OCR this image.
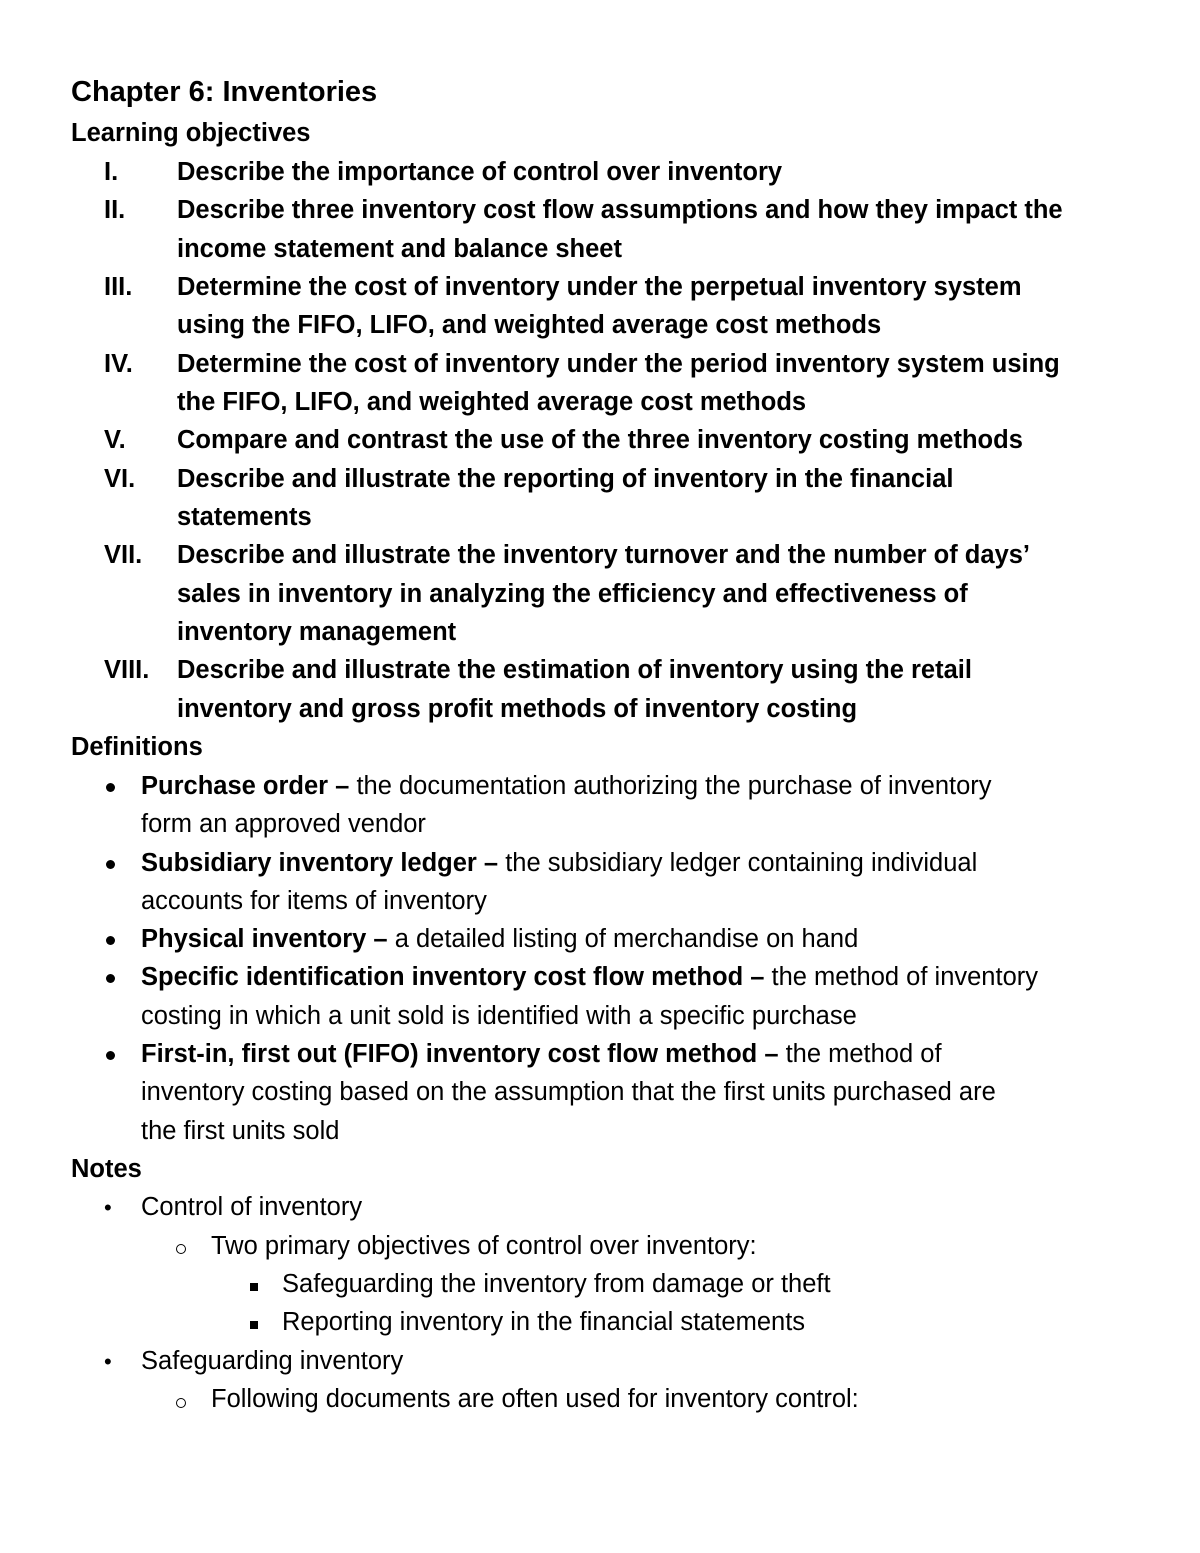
Chapter 6: Inventories
Learning objectives
I. Describe the importance of control over inventory
II. Describe three inventory cost flow assumptions and how they impact the
income statement and balance sheet
III. Determine the cost of inventory under the perpetual inventory system
using the FIFO, LIFO, and weighted average cost methods
IV. Determine the cost of inventory under the period inventory system using
the FIFO, LIFO, and weighted average cost methods
V. Compare and contrast the use of the three inventory costing methods
VI. Describe and illustrate the reporting of inventory in the financial
statements
VII. Describe and illustrate the inventory turnover and the number of days’
sales in inventory in analyzing the efficiency and effectiveness of
inventory management
VIII. Describe and illustrate the estimation of inventory using the retail
inventory and gross profit methods of inventory costing
Definitions
Purchase order – the documentation authorizing the purchase of inventory
form an approved vendor
Subsidiary inventory ledger – the subsidiary ledger containing individual
accounts for items of inventory
Physical inventory – a detailed listing of merchandise on hand
Specific identification inventory cost flow method – the method of inventory
costing in which a unit sold is identified with a specific purchase
First-in, first out (FIFO) inventory cost flow method – the method of
inventory costing based on the assumption that the first units purchased are
the first units sold
Notes
• Control of inventory
Two primary objectives of control over inventory:
Safeguarding the inventory from damage or theft
Reporting inventory in the financial statements
• Safeguarding inventory
Following documents are often used for inventory control:
